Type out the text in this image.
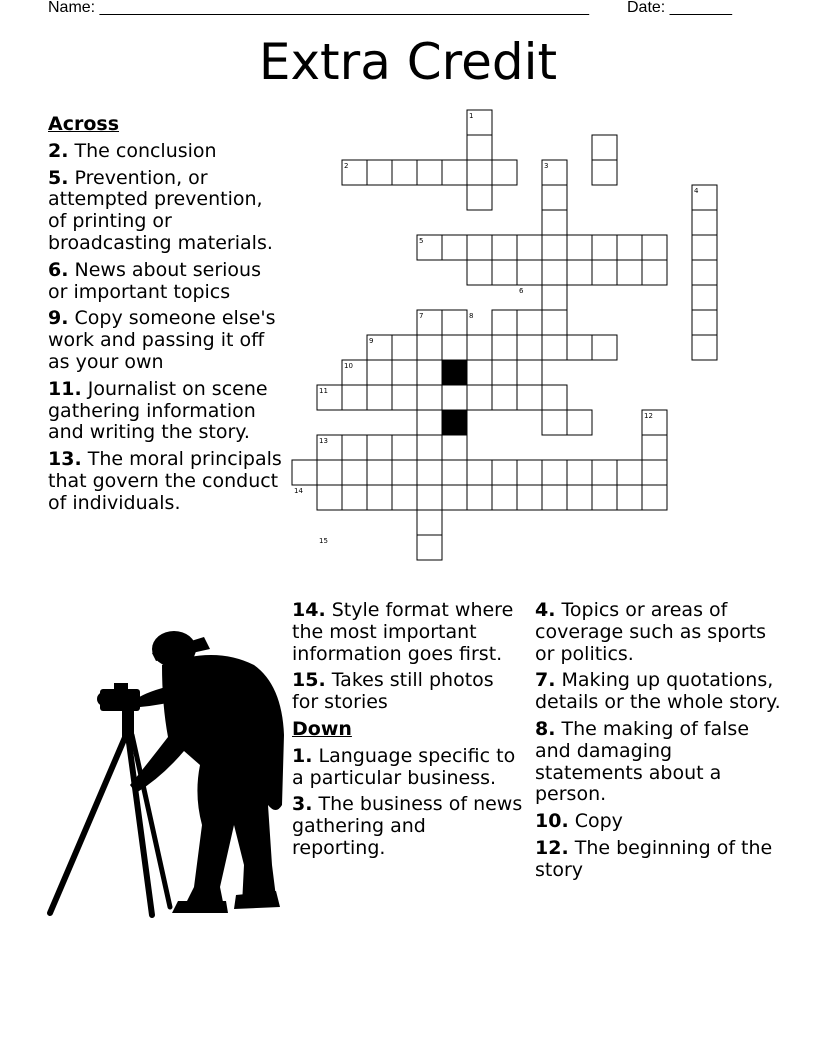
Name: _______________________________________________________ Date: _______
Extra Credit
1
2	3
4
5
6
7	8
9
10
11
12
13
14
15
Across
2. The conclusion
5. Prevention, or attempted prevention, of printing or broadcasting materials.
6. News about serious or important topics
9. Copy someone else's work and passing it off as your own
11. Journalist on scene gathering information and writing the story.
13. The moral principals that govern the conduct of individuals.
14. Style format where the most important information goes first.
15. Takes still photos for stories
Down
1. Language specific to a particular business.
3. The business of news gathering and reporting.
4. Topics or areas of coverage such as sports or politics.
7. Making up quotations, details or the whole story.
8. The making of false and damaging statements about a person.
10. Copy
12. The beginning of the story
